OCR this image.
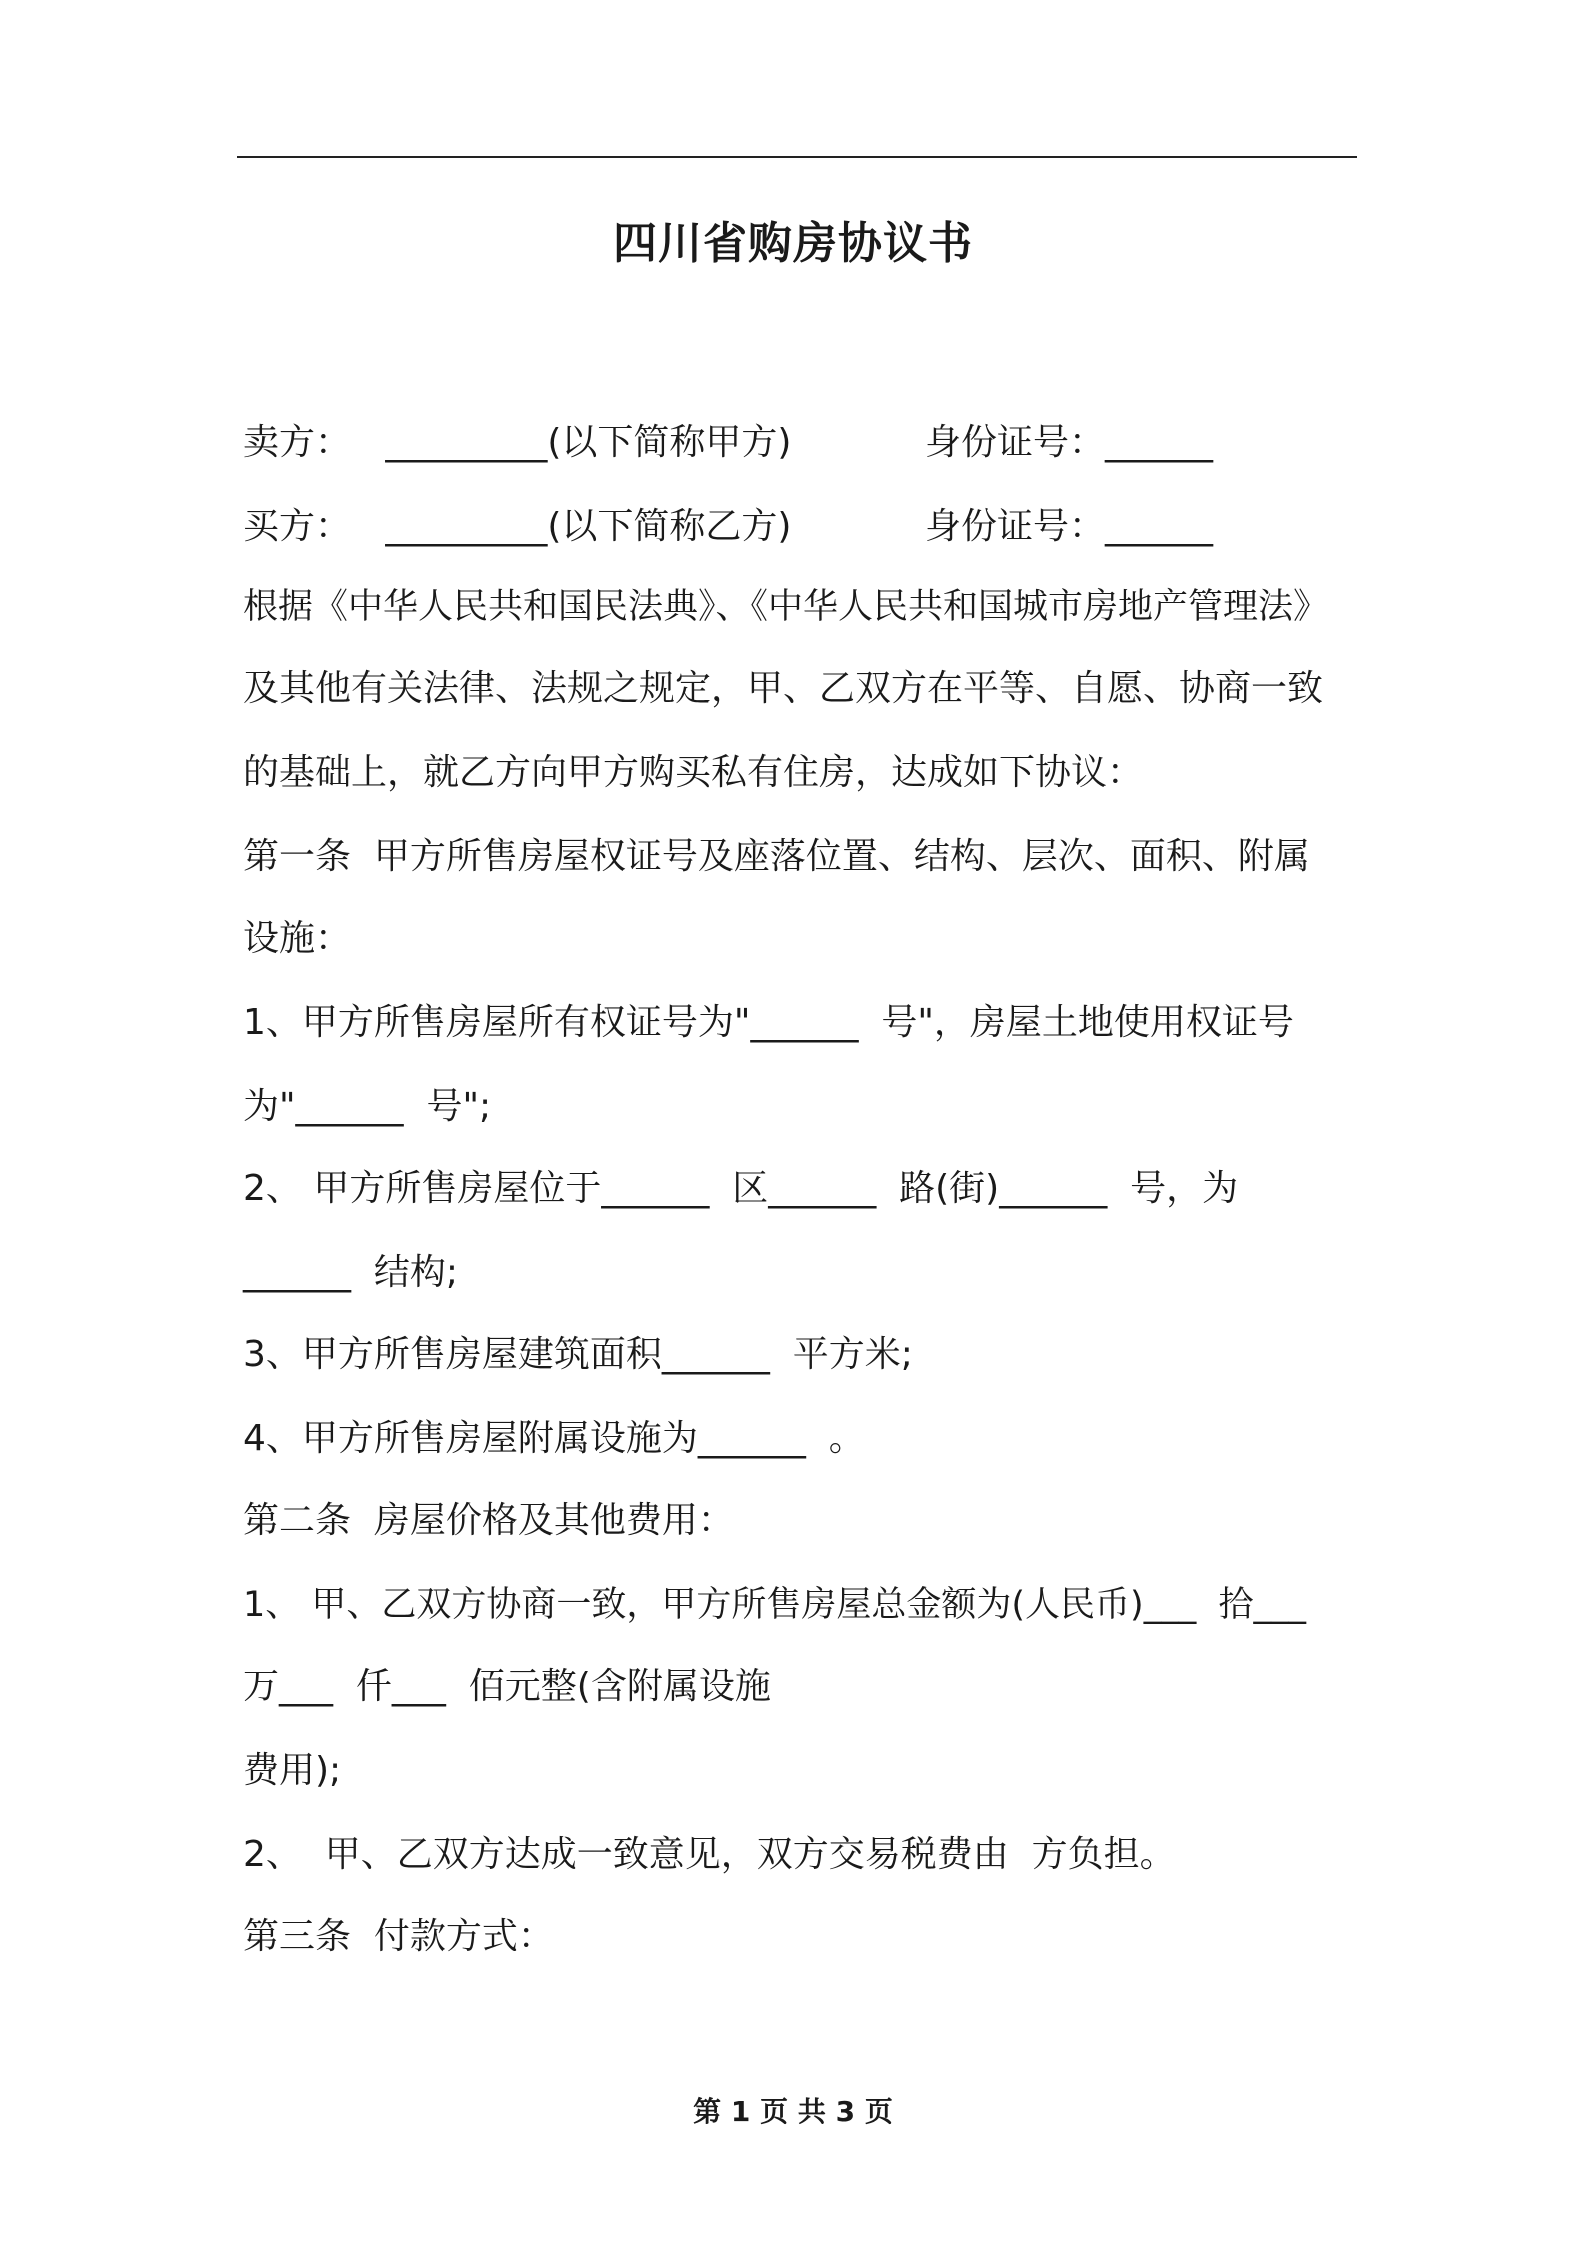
四川省购房协议书
卖方：   _________(以下简称甲方)	身份证号：______
买方：   _________(以下简称乙方)	身份证号：______
根据《中华人民共和国民法典》、《中华人民共和国城市房地产管理法》
及其他有关法律、法规之规定，甲、乙双方在平等、自愿、协商一致
的基础上，就乙方向甲方购买私有住房，达成如下协议：
第一条  甲方所售房屋权证号及座落位置、结构、层次、面积、附属
设施：
1、甲方所售房屋所有权证号为"______  号"，房屋土地使用权证号
为"______  号";
2、 甲方所售房屋位于______  区______  路(街)______  号，为
______  结构;
3、甲方所售房屋建筑面积______  平方米;
4、甲方所售房屋附属设施为______  。
第二条  房屋价格及其他费用：
1、 甲、乙双方协商一致，甲方所售房屋总金额为(人民币)___  拾___
万___  仟___  佰元整(含附属设施
费用);
2、  甲、乙双方达成一致意见，双方交易税费由  方负担。
第三条  付款方式：
第 1 页 共 3 页
